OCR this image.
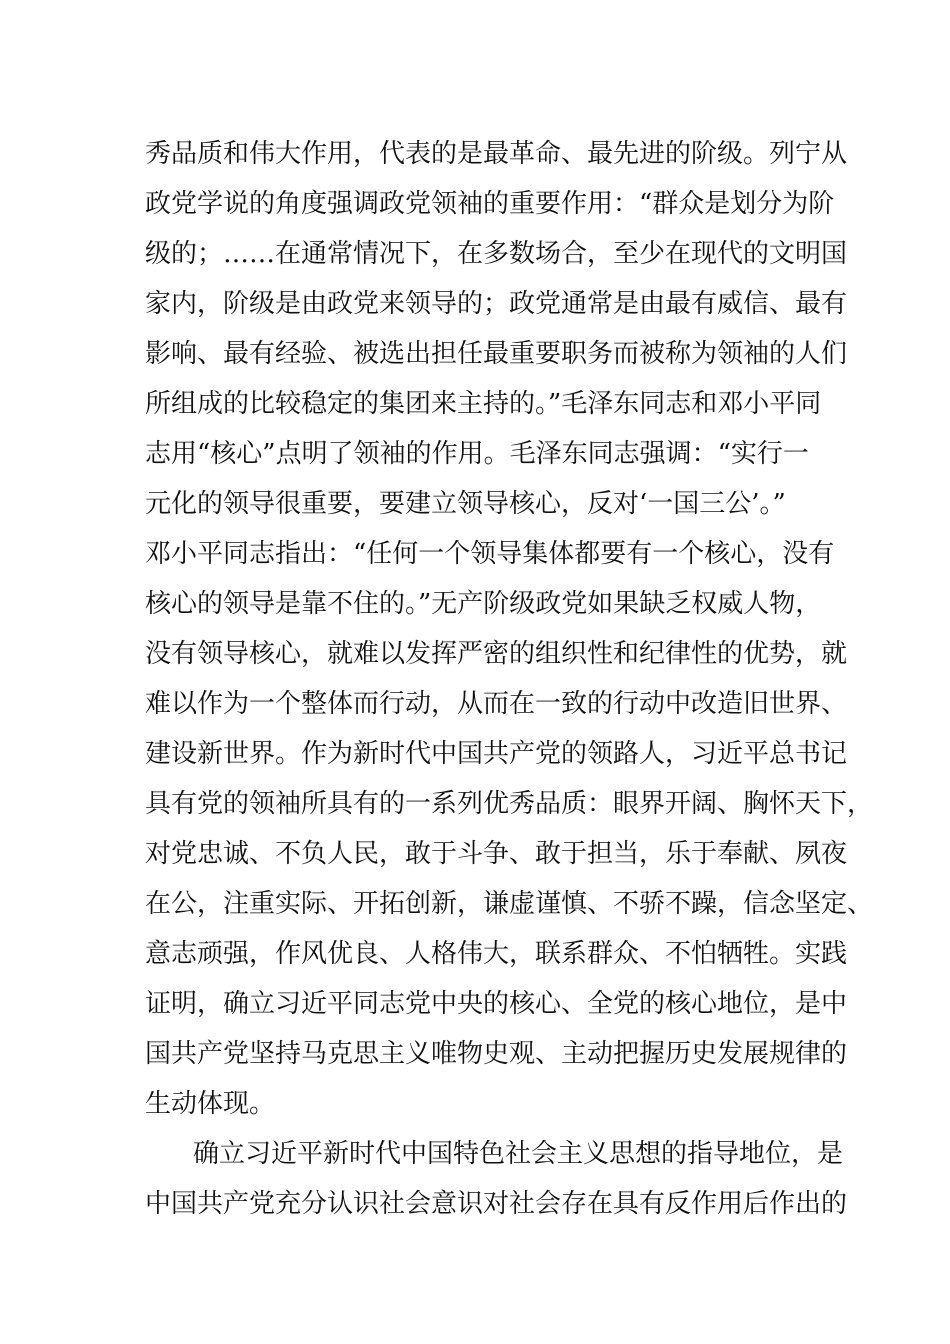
秀品质和伟大作用，代表的是最革命、最先进的阶级。列宁从
政党学说的角度强调政党领袖的重要作用：“群众是划分为阶
级的；……在通常情况下，在多数场合，至少在现代的文明国
家内，阶级是由政党来领导的；政党通常是由最有威信、最有
影响、最有经验、被选出担任最重要职务而被称为领袖的人们
所组成的比较稳定的集团来主持的。”毛泽东同志和邓小平同
志用“核心”点明了领袖的作用。毛泽东同志强调：“实行一
元化的领导很重要，要建立领导核心，反对‘一国三公’。”
邓小平同志指出：“任何一个领导集体都要有一个核心，没有
核心的领导是靠不住的。”无产阶级政党如果缺乏权威人物，
没有领导核心，就难以发挥严密的组织性和纪律性的优势，就
难以作为一个整体而行动，从而在一致的行动中改造旧世界、
建设新世界。作为新时代中国共产党的领路人，习近平总书记
具有党的领袖所具有的一系列优秀品质：眼界开阔、胸怀天下，
对党忠诚、不负人民，敢于斗争、敢于担当，乐于奉献、夙夜
在公，注重实际、开拓创新，谦虚谨慎、不骄不躁，信念坚定、
意志顽强，作风优良、人格伟大，联系群众、不怕牺牲。实践
证明，确立习近平同志党中央的核心、全党的核心地位，是中
国共产党坚持马克思主义唯物史观、主动把握历史发展规律的
生动体现。
确立习近平新时代中国特色社会主义思想的指导地位，是
中国共产党充分认识社会意识对社会存在具有反作用后作出的
